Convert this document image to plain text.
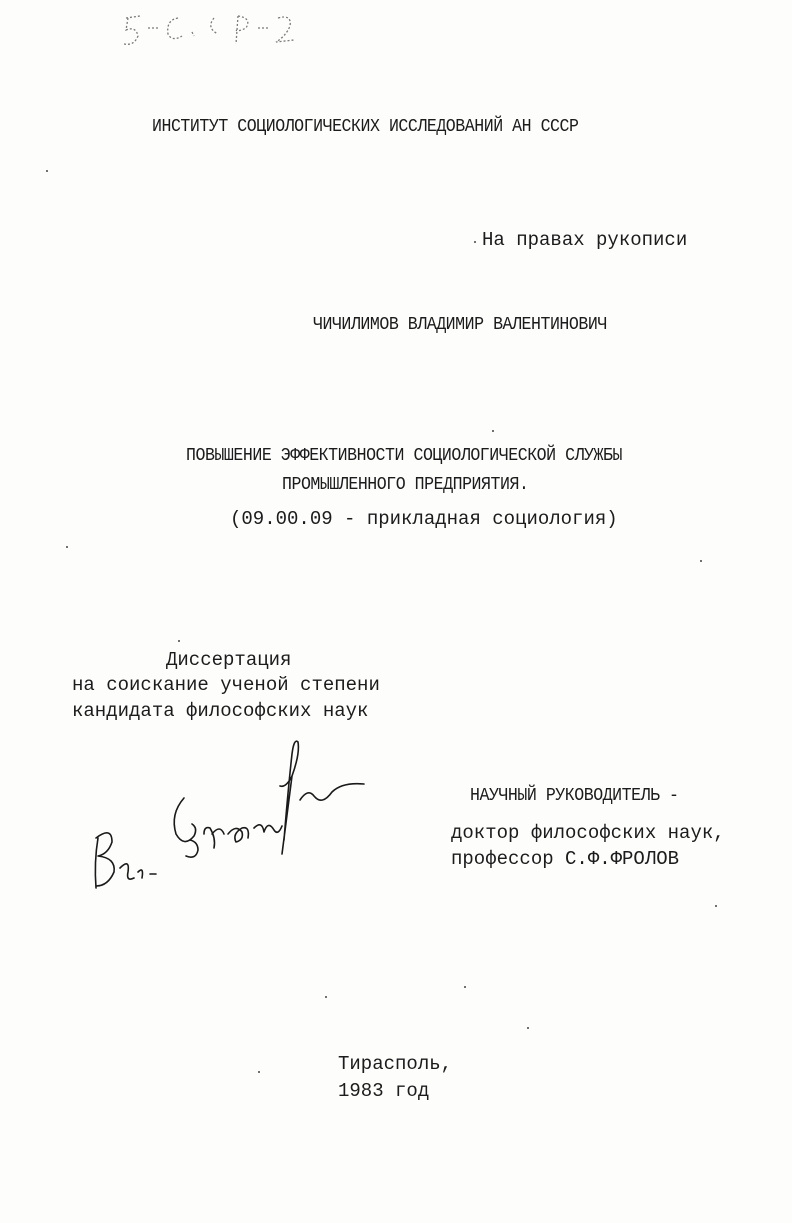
ИНСТИТУТ СОЦИОЛОГИЧЕСКИХ ИССЛЕДОВАНИЙ АН СССР
На правах рукописи
ЧИЧИЛИМОВ ВЛАДИМИР ВАЛЕНТИНОВИЧ
ПОВЫШЕНИЕ ЭФФЕКТИВНОСТИ СОЦИОЛОГИЧЕСКОЙ СЛУЖБЫ
ПРОМЫШЛЕННОГО ПРЕДПРИЯТИЯ.
(09.00.09 - прикладная социология)
Диссертация
на соискание ученой степени
кандидата философских наук
НАУЧНЫЙ РУКОВОДИТЕЛЬ -
доктор философских наук,
профессор С.Ф.ФРОЛОВ
Тирасполь,
1983 год
